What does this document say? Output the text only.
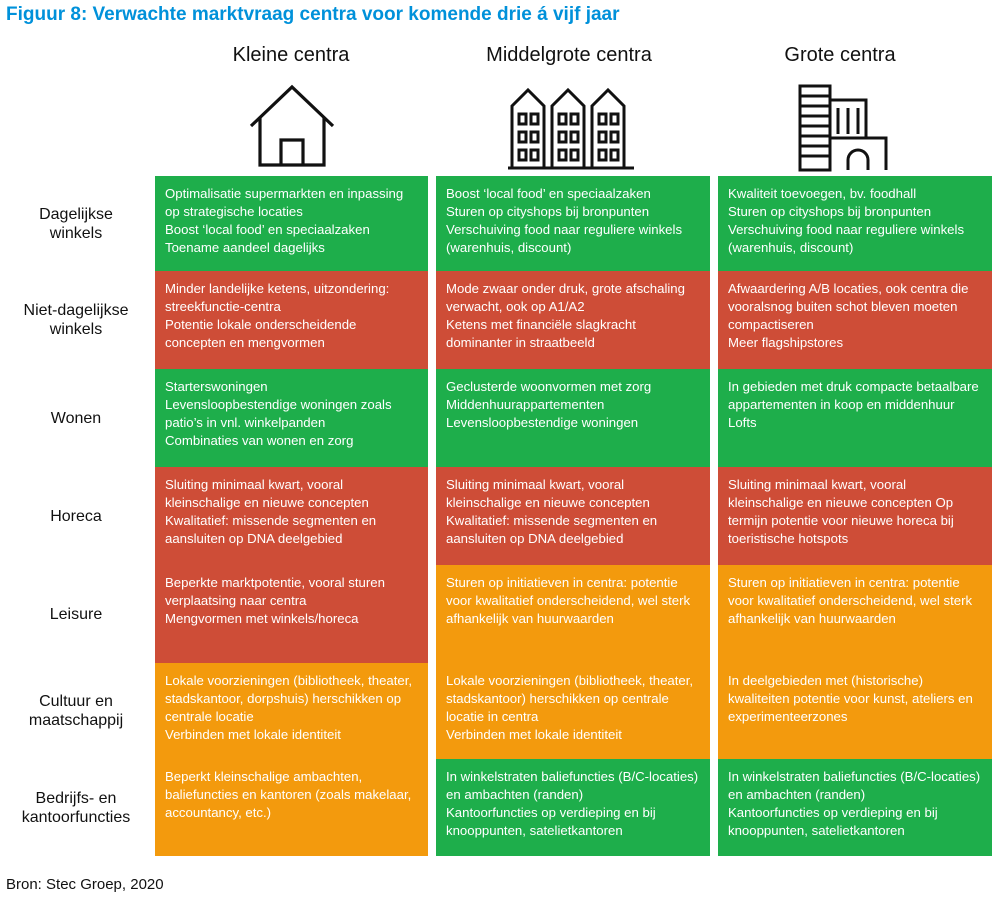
Figuur 8: Verwachte marktvraag centra voor komende drie á vijf jaar
Kleine centra	Middelgrote centra	Grote centra
Dagelijkse
winkels
Optimalisatie supermarkten en inpassing op strategische locaties
Boost ‘local food’ en speciaalzaken
Toename aandeel dagelijks
Boost ‘local food’ en speciaalzaken
Sturen op cityshops bij bronpunten
Verschuiving food naar reguliere winkels (warenhuis, discount)
Kwaliteit toevoegen, bv. foodhall
Sturen op cityshops bij bronpunten
Verschuiving food naar reguliere winkels (warenhuis, discount)
Niet-dagelijkse
winkels
Minder landelijke ketens, uitzondering: streekfunctie-centra
Potentie lokale onderscheidende concepten en mengvormen
Mode zwaar onder druk, grote afschaling verwacht, ook op A1/A2
Ketens met financiële slagkracht dominanter in straatbeeld
Afwaardering A/B locaties, ook centra die vooralsnog buiten schot bleven moeten compactiseren
Meer flagshipstores
Wonen
Starterswoningen
Levensloopbestendige woningen zoals patio’s in vnl. winkelpanden
Combinaties van wonen en zorg
Geclusterde woonvormen met zorg
Middenhuurappartementen
Levensloopbestendige woningen
In gebieden met druk compacte betaalbare appartementen in koop en middenhuur
Lofts
Horeca
Sluiting minimaal kwart, vooral kleinschalige en nieuwe concepten
Kwalitatief: missende segmenten en aansluiten op DNA deelgebied
Sluiting minimaal kwart, vooral kleinschalige en nieuwe concepten
Kwalitatief: missende segmenten en aansluiten op DNA deelgebied
Sluiting minimaal kwart, vooral kleinschalige en nieuwe concepten Op termijn potentie voor nieuwe horeca bij toeristische hotspots
Leisure
Beperkte marktpotentie, vooral sturen verplaatsing naar centra
Mengvormen met winkels/horeca
Sturen op initiatieven in centra: potentie voor kwalitatief onderscheidend, wel sterk afhankelijk van huurwaarden
Sturen op initiatieven in centra: potentie voor kwalitatief onderscheidend, wel sterk afhankelijk van huurwaarden
Cultuur en
maatschappij
Lokale voorzieningen (bibliotheek, theater, stadskantoor, dorpshuis) herschikken op centrale locatie
Verbinden met lokale identiteit
Lokale voorzieningen (bibliotheek, theater, stadskantoor) herschikken op centrale locatie in centra
Verbinden met lokale identiteit
In deelgebieden met (historische) kwaliteiten potentie voor kunst, ateliers en experimenteerzones
Bedrijfs- en
kantoorfuncties
Beperkt kleinschalige ambachten, baliefuncties en kantoren (zoals makelaar, accountancy, etc.)
In winkelstraten baliefuncties (B/C-locaties) en ambachten (randen)
Kantoorfuncties op verdieping en bij knooppunten, satelietkantoren
In winkelstraten baliefuncties (B/C-locaties) en ambachten (randen)
Kantoorfuncties op verdieping en bij knooppunten, satelietkantoren
Bron: Stec Groep, 2020
